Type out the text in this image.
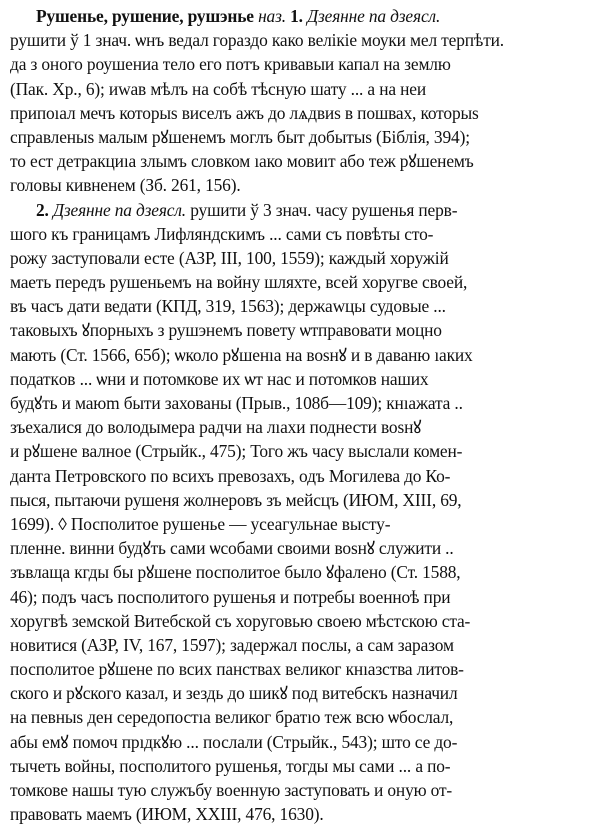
Рушенье, рушение, рушэнье наз. 1. Дзеянне па дзеясл.
рушити ў 1 знач. ѡнъ ведал гораздо како велікіе моуки мел терпѣти.
да з оного роушениа тело его потъ кривавыи капал на землю
(Пак. Хр., 6); иwав мѣлъ на собѣ тѣсную шату ... а на неи
припоıал мечъ которыs виселъ ажъ до лѧдвиs в пошвах, которыs
справленыs малым рꙋшенемъ моглъ быт добытыs (Біблія, 394);
то ест детракциıа злымъ словком ıако мовиıт або теж рꙋшенемъ
головы кивненем (Зб. 261, 156).
2. Дзеянне па дзеясл. рушити ў 3 знач. часу рушенья перв-
шого къ границамъ Лифляндскимъ ... сами съ повѣты сто-
рожу заступовали есте (АЗР, III, 100, 1559); каждый хоружій
маеть передъ рушеньемъ на войну шляхте, всей хоругве своей,
въ часъ дати ведати (КПД, 319, 1563); держаwцы судовые ...
таковыхъ ꙋпорныхъ з рушэнемъ повету ѡтправовати моцно
мають (Ст. 1566, 65б); ѡколо рꙋшенıа на воsнꙋ и в даваню ıаких
податкoв ... ѡни и потомкове их ѡт нас и потомков наших
будꙋть и маюm быти захованы (Прыв., 108б—109); кнıажата ..
зъехалися до володымера радчи на лıахи поднести воsнꙋ
и рꙋшене валное (Стрыйк., 475); Того жъ часу выслали комен-
данта Петровского по всихъ превозахъ, одъ Могилева до Ко-
пыся, пытаючи рушеня жолнеровъ зъ мейсцъ (ИЮМ, XIII, 69,
1699). ◊ Посполитое рушенье — усеагульнае высту-
пленне. винни будꙋть сами ѡсобами своими воsнꙋ служити ..
зъвлаща кгды бы рꙋшене посполитое было ꙋфалено (Ст. 1588,
46); подъ часъ посполитого рушенья и потребы военноѣ при
хоругвѣ земской Витебской съ хоруговью своею мѣстскою ста-
новитися (АЗР, IV, 167, 1597); задержал послы, а сам заразом
посполитое рꙋшене по всих панствах великог кнıазства литов-
ского и рꙋского казал, и зездь до шикꙋ под витебскъ назначил
на певныs ден середопостıа великог братıо теж всю ѡбослал,
абы емꙋ помоч прıдкꙋю ... послали (Стрыйк., 543); што се до-
тычеть войны, посполитого рушенья, тогды мы сами ... а по-
томкове нашы тую служъбу военную заступовать и оную от-
правовать маемъ (ИЮМ, XXIII, 476, 1630).
